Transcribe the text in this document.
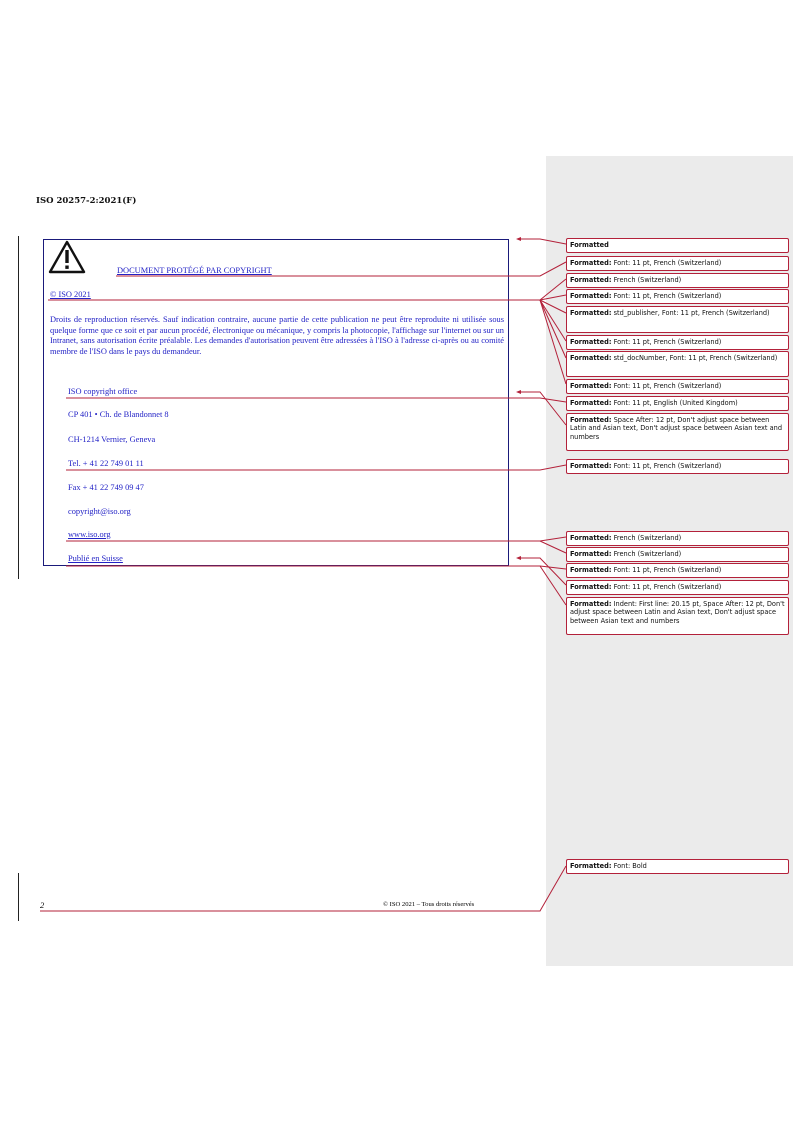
ISO 20257-2:2021(F)
DOCUMENT PROTÉGÉ PAR COPYRIGHT
© ISO 2021
Droits de reproduction réservés. Sauf indication contraire, aucune partie de cette publication ne peut être reproduite ni utilisée sous quelque forme que ce soit et par aucun procédé, électronique ou mécanique, y compris la photocopie, l'affichage sur l'internet ou sur un Intranet, sans autorisation écrite préalable. Les demandes d'autorisation peuvent être adressées à l'ISO à l'adresse ci-après ou au comité membre de l'ISO dans le pays du demandeur.
ISO copyright office
CP 401 • Ch. de Blandonnet 8
CH-1214 Vernier, Geneva
Tel. + 41 22 749 01 11
Fax + 41 22 749 09 47
copyright@iso.org
www.iso.org
Publié en Suisse
2	© ISO 2021 – Tous droits réservés
Formatted
Formatted: Font: 11 pt, French (Switzerland)
Formatted: French (Switzerland)
Formatted: Font: 11 pt, French (Switzerland)
Formatted: std_publisher, Font: 11 pt, French (Switzerland)
Formatted: Font: 11 pt, French (Switzerland)
Formatted: std_docNumber, Font: 11 pt, French (Switzerland)
Formatted: Font: 11 pt, French (Switzerland)
Formatted: Font: 11 pt, English (United Kingdom)
Formatted: Space After: 12 pt, Don't adjust space between Latin and Asian text, Don't adjust space between Asian text and numbers
Formatted: Font: 11 pt, French (Switzerland)
Formatted: French (Switzerland)
Formatted: French (Switzerland)
Formatted: Font: 11 pt, French (Switzerland)
Formatted: Font: 11 pt, French (Switzerland)
Formatted: Indent: First line: 20.15 pt, Space After: 12 pt, Don't adjust space between Latin and Asian text, Don't adjust space between Asian text and numbers
Formatted: Font: Bold
